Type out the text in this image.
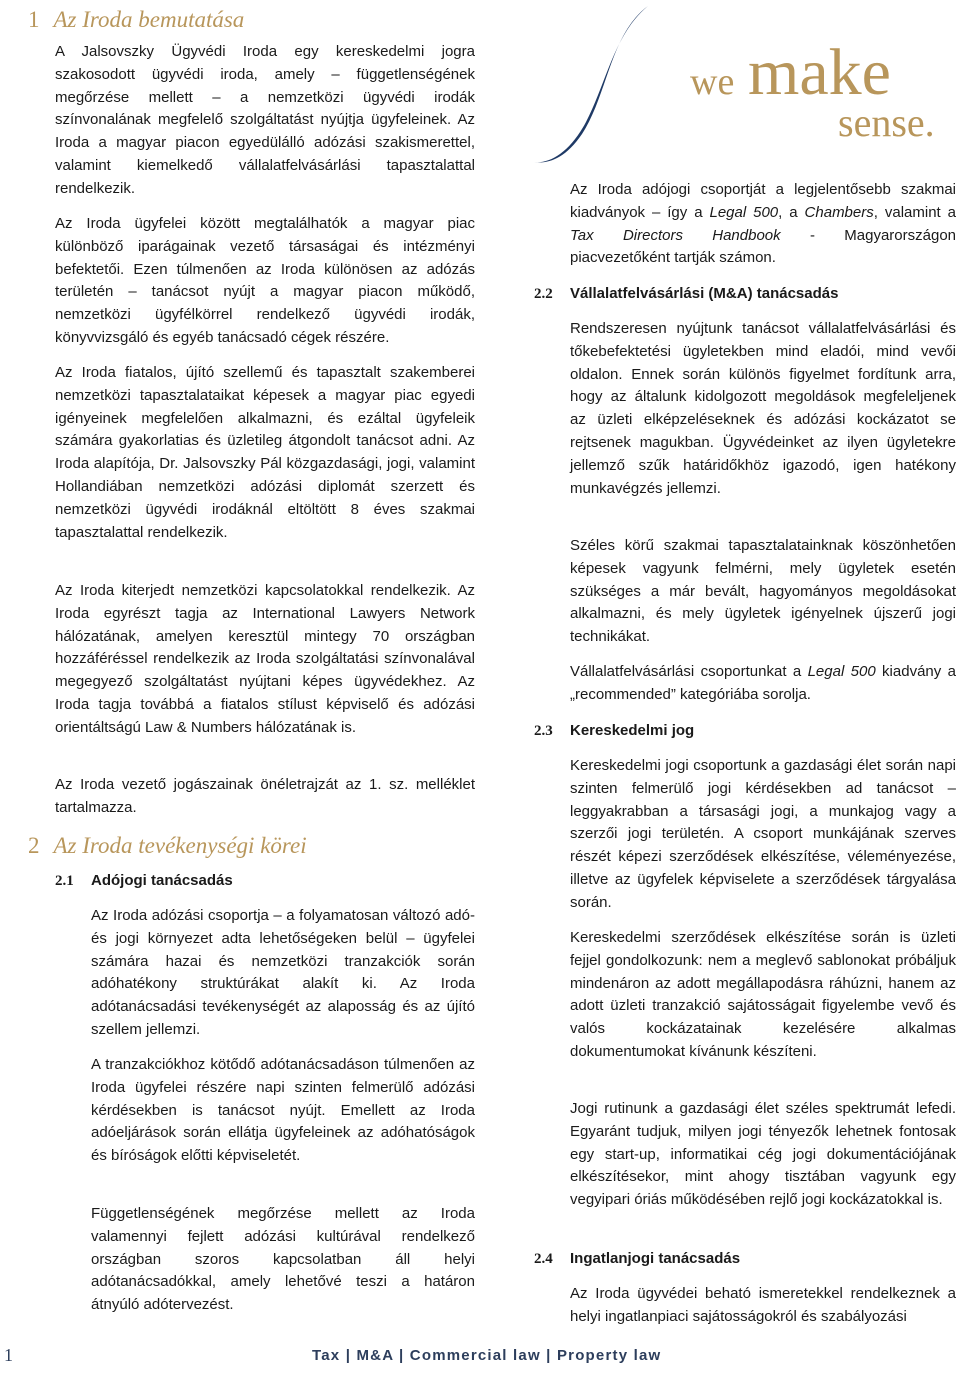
1 Az Iroda bemutatása

A Jalsovszky Ügyvédi Iroda egy kereskedelmi jogra szakosodott ügyvédi iroda, amely – függetlenségének megőrzése mellett – a nemzetközi ügyvédi irodák színvonalának megfelelő szolgáltatást nyújtja ügyfeleinek. Az Iroda a magyar piacon egyedülálló adózási szakismerettel, valamint kiemelkedő vállalatfelvásárlási tapasztalattal rendelkezik.

Az Iroda ügyfelei között megtalálhatók a magyar piac különböző iparágainak vezető társaságai és intézményi befektetői. Ezen túlmenően az Iroda különösen az adózás területén – tanácsot nyújt a magyar piacon működő, nemzetközi ügyfélkörrel rendelkező ügyvédi irodák, könyvvizsgáló és egyéb tanácsadó cégek részére.

Az Iroda fiatalos, újító szellemű és tapasztalt szakemberei nemzetközi tapasztalataikat képesek a magyar piac egyedi igényeinek megfelelően alkalmazni, és ezáltal ügyfeleik számára gyakorlatias és üzletileg átgondolt tanácsot adni. Az Iroda alapítója, Dr. Jalsovszky Pál közgazdasági, jogi, valamint Hollandiában nemzetközi adózási diplomát szerzett és nemzetközi ügyvédi irodáknál eltöltött 8 éves szakmai tapasztalattal rendelkezik.

Az Iroda kiterjedt nemzetközi kapcsolatokkal rendelkezik. Az Iroda egyrészt tagja az International Lawyers Network hálózatának, amelyen keresztül mintegy 70 országban hozzáféréssel rendelkezik az Iroda szolgáltatási színvonalával megegyező szolgáltatást nyújtani képes ügyvédekhez. Az Iroda tagja továbbá a fiatalos stílust képviselő és adózási orientáltságú Law & Numbers hálózatának is.

Az Iroda vezető jogászainak önéletrajzát az 1. sz. melléklet tartalmazza.

2 Az Iroda tevékenységi körei
2.1 Adójogi tanácsadás

Az Iroda adózási csoportja – a folyamatosan változó adó- és jogi környezet adta lehetőségeken belül – ügyfelei számára hazai és nemzetközi tranzakciók során adóhatékony struktúrákat alakít ki. Az Iroda adótanácsadási tevékenységét az alaposság és az újító szellem jellemzi.

A tranzakciókhoz kötődő adótanácsadáson túlmenően az Iroda ügyfelei részére napi szinten felmerülő adózási kérdésekben is tanácsot nyújt. Emellett az Iroda adóeljárások során ellátja ügyfeleinek az adóhatóságok és bíróságok előtti képviseletét.

Függetlenségének megőrzése mellett az Iroda valamennyi fejlett adózási kultúrával rendelkező országban szoros kapcsolatban áll helyi adótanácsadókkal, amely lehetővé teszi a határon átnyúló adótervezést.

we make
sense.

Az Iroda adójogi csoportját a legjelentősebb szakmai kiadványok – így a Legal 500, a Chambers, valamint a Tax Directors Handbook - Magyarországon piacvezetőként tartják számon.

2.2 Vállalatfelvásárlási (M&A) tanácsadás

Rendszeresen nyújtunk tanácsot vállalatfelvásárlási és tőkebefektetési ügyletekben mind eladói, mind vevői oldalon. Ennek során különös figyelmet fordítunk arra, hogy az általunk kidolgozott megoldások megfeleljenek az üzleti elképzeléseknek és adózási kockázatot se rejtsenek magukban. Ügyvédeinket az ilyen ügyletekre jellemző szűk határidőkhöz igazodó, igen hatékony munkavégzés jellemzi.

Széles körű szakmai tapasztalatainknak köszönhetően képesek vagyunk felmérni, mely ügyletek esetén szükséges a már bevált, hagyományos megoldásokat alkalmazni, és mely ügyletek igényelnek újszerű jogi technikákat.

Vállalatfelvásárlási csoportunkat a Legal 500 kiadvány a „recommended” kategóriába sorolja.

2.3 Kereskedelmi jog

Kereskedelmi jogi csoportunk a gazdasági élet során napi szinten felmerülő jogi kérdésekben ad tanácsot – leggyakrabban a társasági jogi, a munkajog vagy a szerzői jogi területén. A csoport munkájának szerves részét képezi szerződések elkészítése, véleményezése, illetve az ügyfelek képviselete a szerződések tárgyalása során.

Kereskedelmi szerződések elkészítése során is üzleti fejjel gondolkozunk: nem a meglevő sablonokat próbáljuk mindenáron az adott megállapodásra ráhúzni, hanem az adott üzleti tranzakció sajátosságait figyelembe vevő és valós kockázatainak kezelésére alkalmas dokumentumokat kívánunk készíteni.

Jogi rutinunk a gazdasági élet széles spektrumát lefedi. Egyaránt tudjuk, milyen jogi tényezők lehetnek fontosak egy start-up, informatikai cég jogi dokumentációjának elkészítésekor, mint ahogy tisztában vagyunk egy vegyipari óriás működésében rejlő jogi kockázatokkal is.

2.4 Ingatlanjogi tanácsadás

Az Iroda ügyvédei beható ismeretekkel rendelkeznek a helyi ingatlanpiaci sajátosságokról és szabályozási

1	Tax | M&A | Commercial law | Property law
